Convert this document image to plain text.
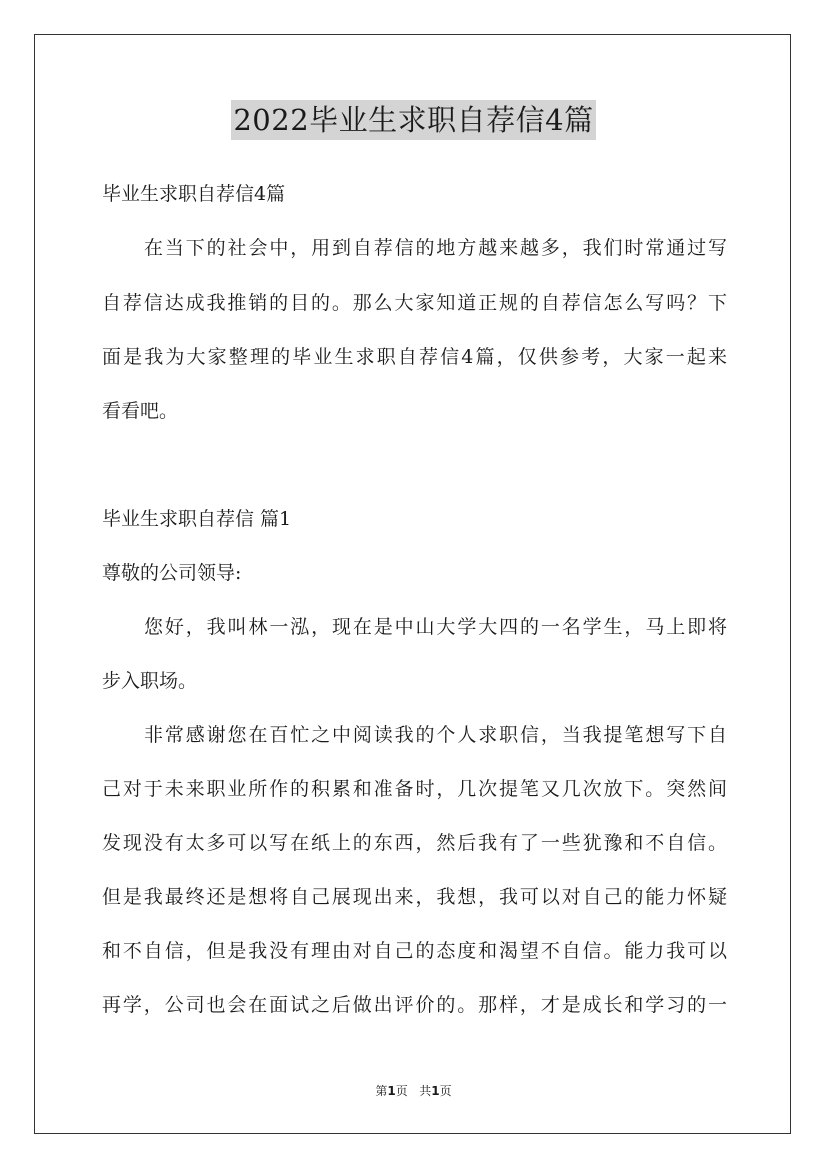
2022毕业生求职自荐信4篇
毕业生求职自荐信4篇
在当下的社会中，用到自荐信的地方越来越多，我们时常通过写
自荐信达成我推销的目的。那么大家知道正规的自荐信怎么写吗？下
面是我为大家整理的毕业生求职自荐信4篇，仅供参考，大家一起来
看看吧。
毕业生求职自荐信 篇1
尊敬的公司领导:
您好，我叫林一泓，现在是中山大学大四的一名学生，马上即将
步入职场。
非常感谢您在百忙之中阅读我的个人求职信，当我提笔想写下自
己对于未来职业所作的积累和准备时，几次提笔又几次放下。突然间
发现没有太多可以写在纸上的东西，然后我有了一些犹豫和不自信。
但是我最终还是想将自己展现出来，我想，我可以对自己的能力怀疑
和不自信，但是我没有理由对自己的态度和渴望不自信。能力我可以
再学，公司也会在面试之后做出评价的。那样，才是成长和学习的一
第1页 共1页
